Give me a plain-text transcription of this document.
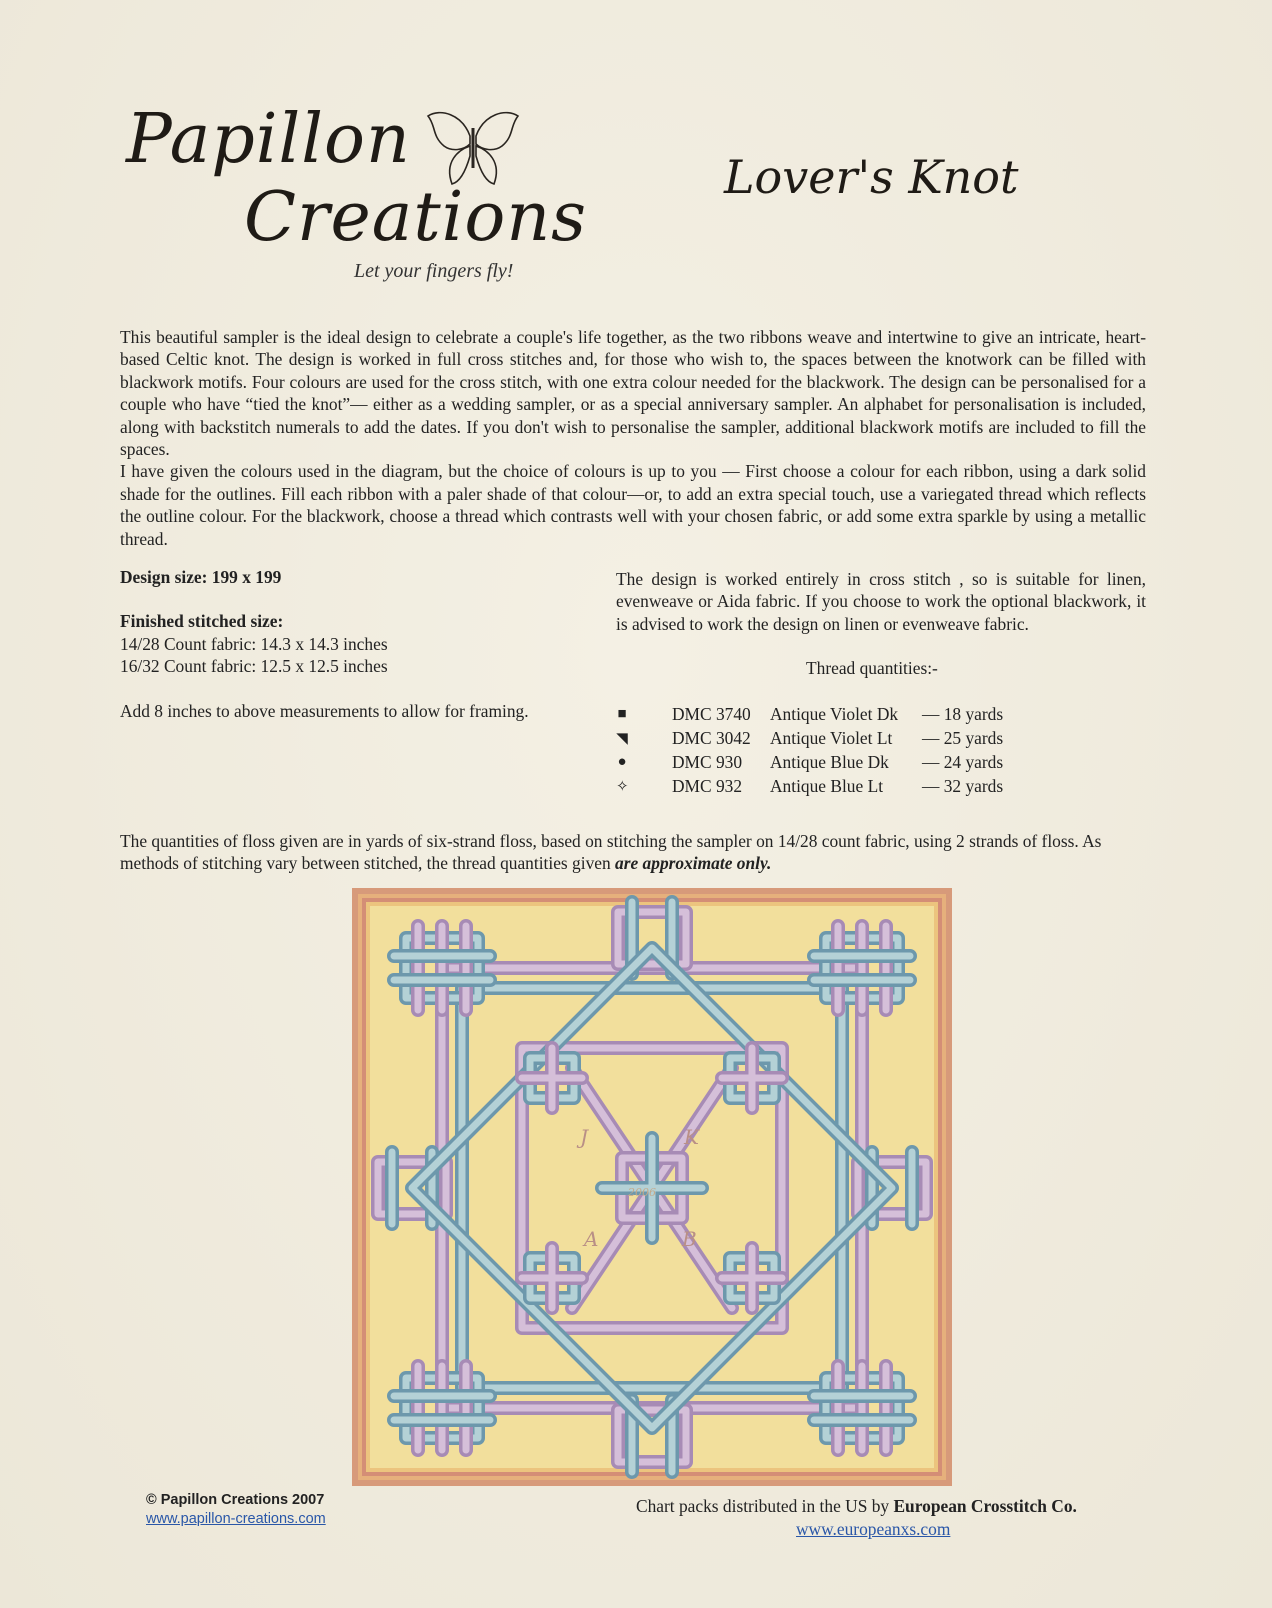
Papillon
Creations
Let your fingers fly!
Lover's Knot

This beautiful sampler is the ideal design to celebrate a couple's life together, as the two ribbons weave and intertwine to give an intricate, heart-based Celtic knot. The design is worked in full cross stitches and, for those who wish to, the spaces between the knotwork can be filled with blackwork motifs. Four colours are used for the cross stitch, with one extra colour needed for the blackwork. The design can be personalised for a couple who have “tied the knot”— either as a wedding sampler, or as a special anniversary sampler. An alphabet for personalisation is included, along with backstitch numerals to add the dates. If you don't wish to personalise the sampler, additional blackwork motifs are included to fill the spaces.

I have given the colours used in the diagram, but the choice of colours is up to you — First choose a colour for each ribbon, using a dark solid shade for the outlines. Fill each ribbon with a paler shade of that colour—or, to add an extra special touch, use a variegated thread which reflects the outline colour. For the blackwork, choose a thread which contrasts well with your chosen fabric, or add some extra sparkle by using a metallic thread.

Design size: 199 x 199

Finished stitched size:

14/28 Count fabric: 14.3 x 14.3 inches

16/32 Count fabric: 12.5 x 12.5 inches

Add 8 inches to above measurements to allow for framing.

The design is worked entirely in cross stitch , so is suitable for linen, evenweave or Aida fabric. If you choose to work the optional blackwork, it is advised to work the design on linen or evenweave fabric.

Thread quantities:-
■	DMC 3740	Antique Violet Dk	— 18 yards
◥	DMC 3042	Antique Violet Lt	— 25 yards
●	DMC 930	Antique Blue Dk	— 24 yards
✧	DMC 932	Antique Blue Lt	— 32 yards

The quantities of floss given are in yards of six-strand floss, based on stitching the sampler on 14/28 count fabric, using 2 strands of floss. As methods of stitching vary between stitched, the thread quantities given are approximate only.

J	K
A	B
2006
© Papillon Creations 2007
www.papillon-creations.com
Chart packs distributed in the US by European Crosstitch Co.
www.europeanxs.com
